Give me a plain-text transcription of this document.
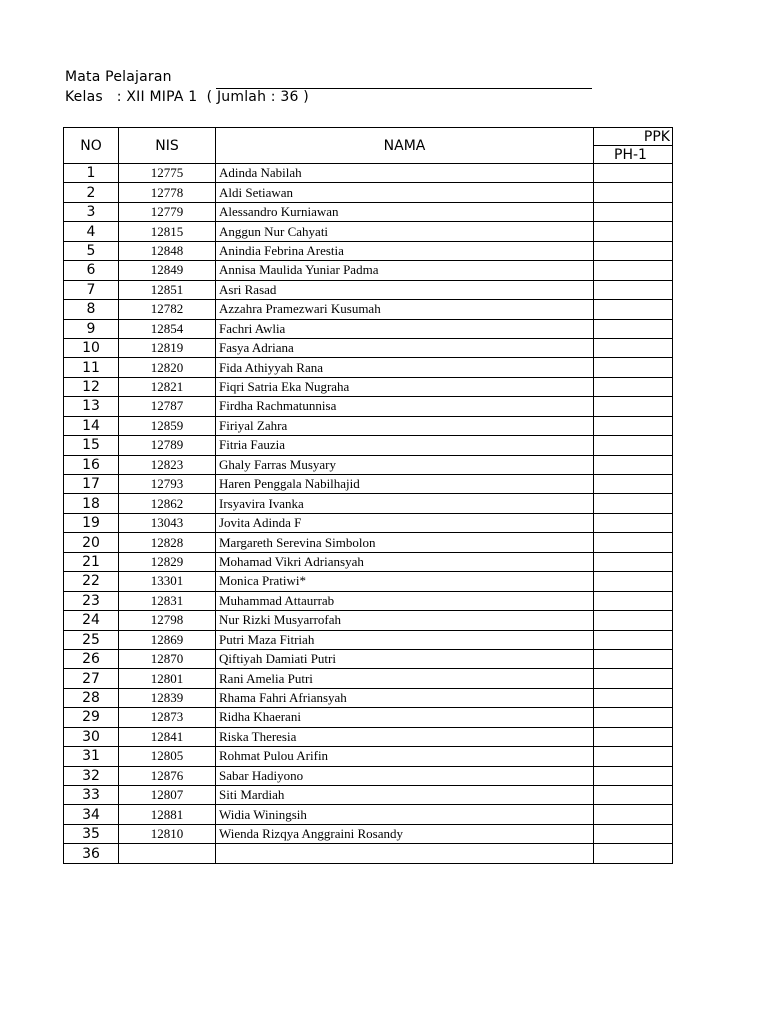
Mata Pelajaran
Kelas   : XII MIPA 1  ( Jumlah : 36 )
NO	NIS	NAMA	PPK
			PH-1
1	12775	Adinda Nabilah	
2	12778	Aldi Setiawan	
3	12779	Alessandro Kurniawan	
4	12815	Anggun Nur Cahyati	
5	12848	Anindia Febrina Arestia	
6	12849	Annisa Maulida Yuniar Padma	
7	12851	Asri Rasad	
8	12782	Azzahra Pramezwari Kusumah	
9	12854	Fachri Awlia	
10	12819	Fasya Adriana	
11	12820	Fida Athiyyah Rana	
12	12821	Fiqri Satria Eka Nugraha	
13	12787	Firdha Rachmatunnisa	
14	12859	Firiyal Zahra	
15	12789	Fitria Fauzia	
16	12823	Ghaly Farras Musyary	
17	12793	Haren Penggala Nabilhajid	
18	12862	Irsyavira Ivanka	
19	13043	Jovita Adinda F	
20	12828	Margareth Serevina Simbolon	
21	12829	Mohamad Vikri Adriansyah	
22	13301	Monica Pratiwi*	
23	12831	Muhammad Attaurrab	
24	12798	Nur Rizki Musyarrofah	
25	12869	Putri Maza Fitriah	
26	12870	Qiftiyah Damiati Putri	
27	12801	Rani Amelia Putri	
28	12839	Rhama Fahri Afriansyah	
29	12873	Ridha Khaerani	
30	12841	Riska Theresia	
31	12805	Rohmat Pulou Arifin	
32	12876	Sabar Hadiyono	
33	12807	Siti Mardiah	
34	12881	Widia Winingsih	
35	12810	Wienda Rizqya Anggraini Rosandy	
36			
